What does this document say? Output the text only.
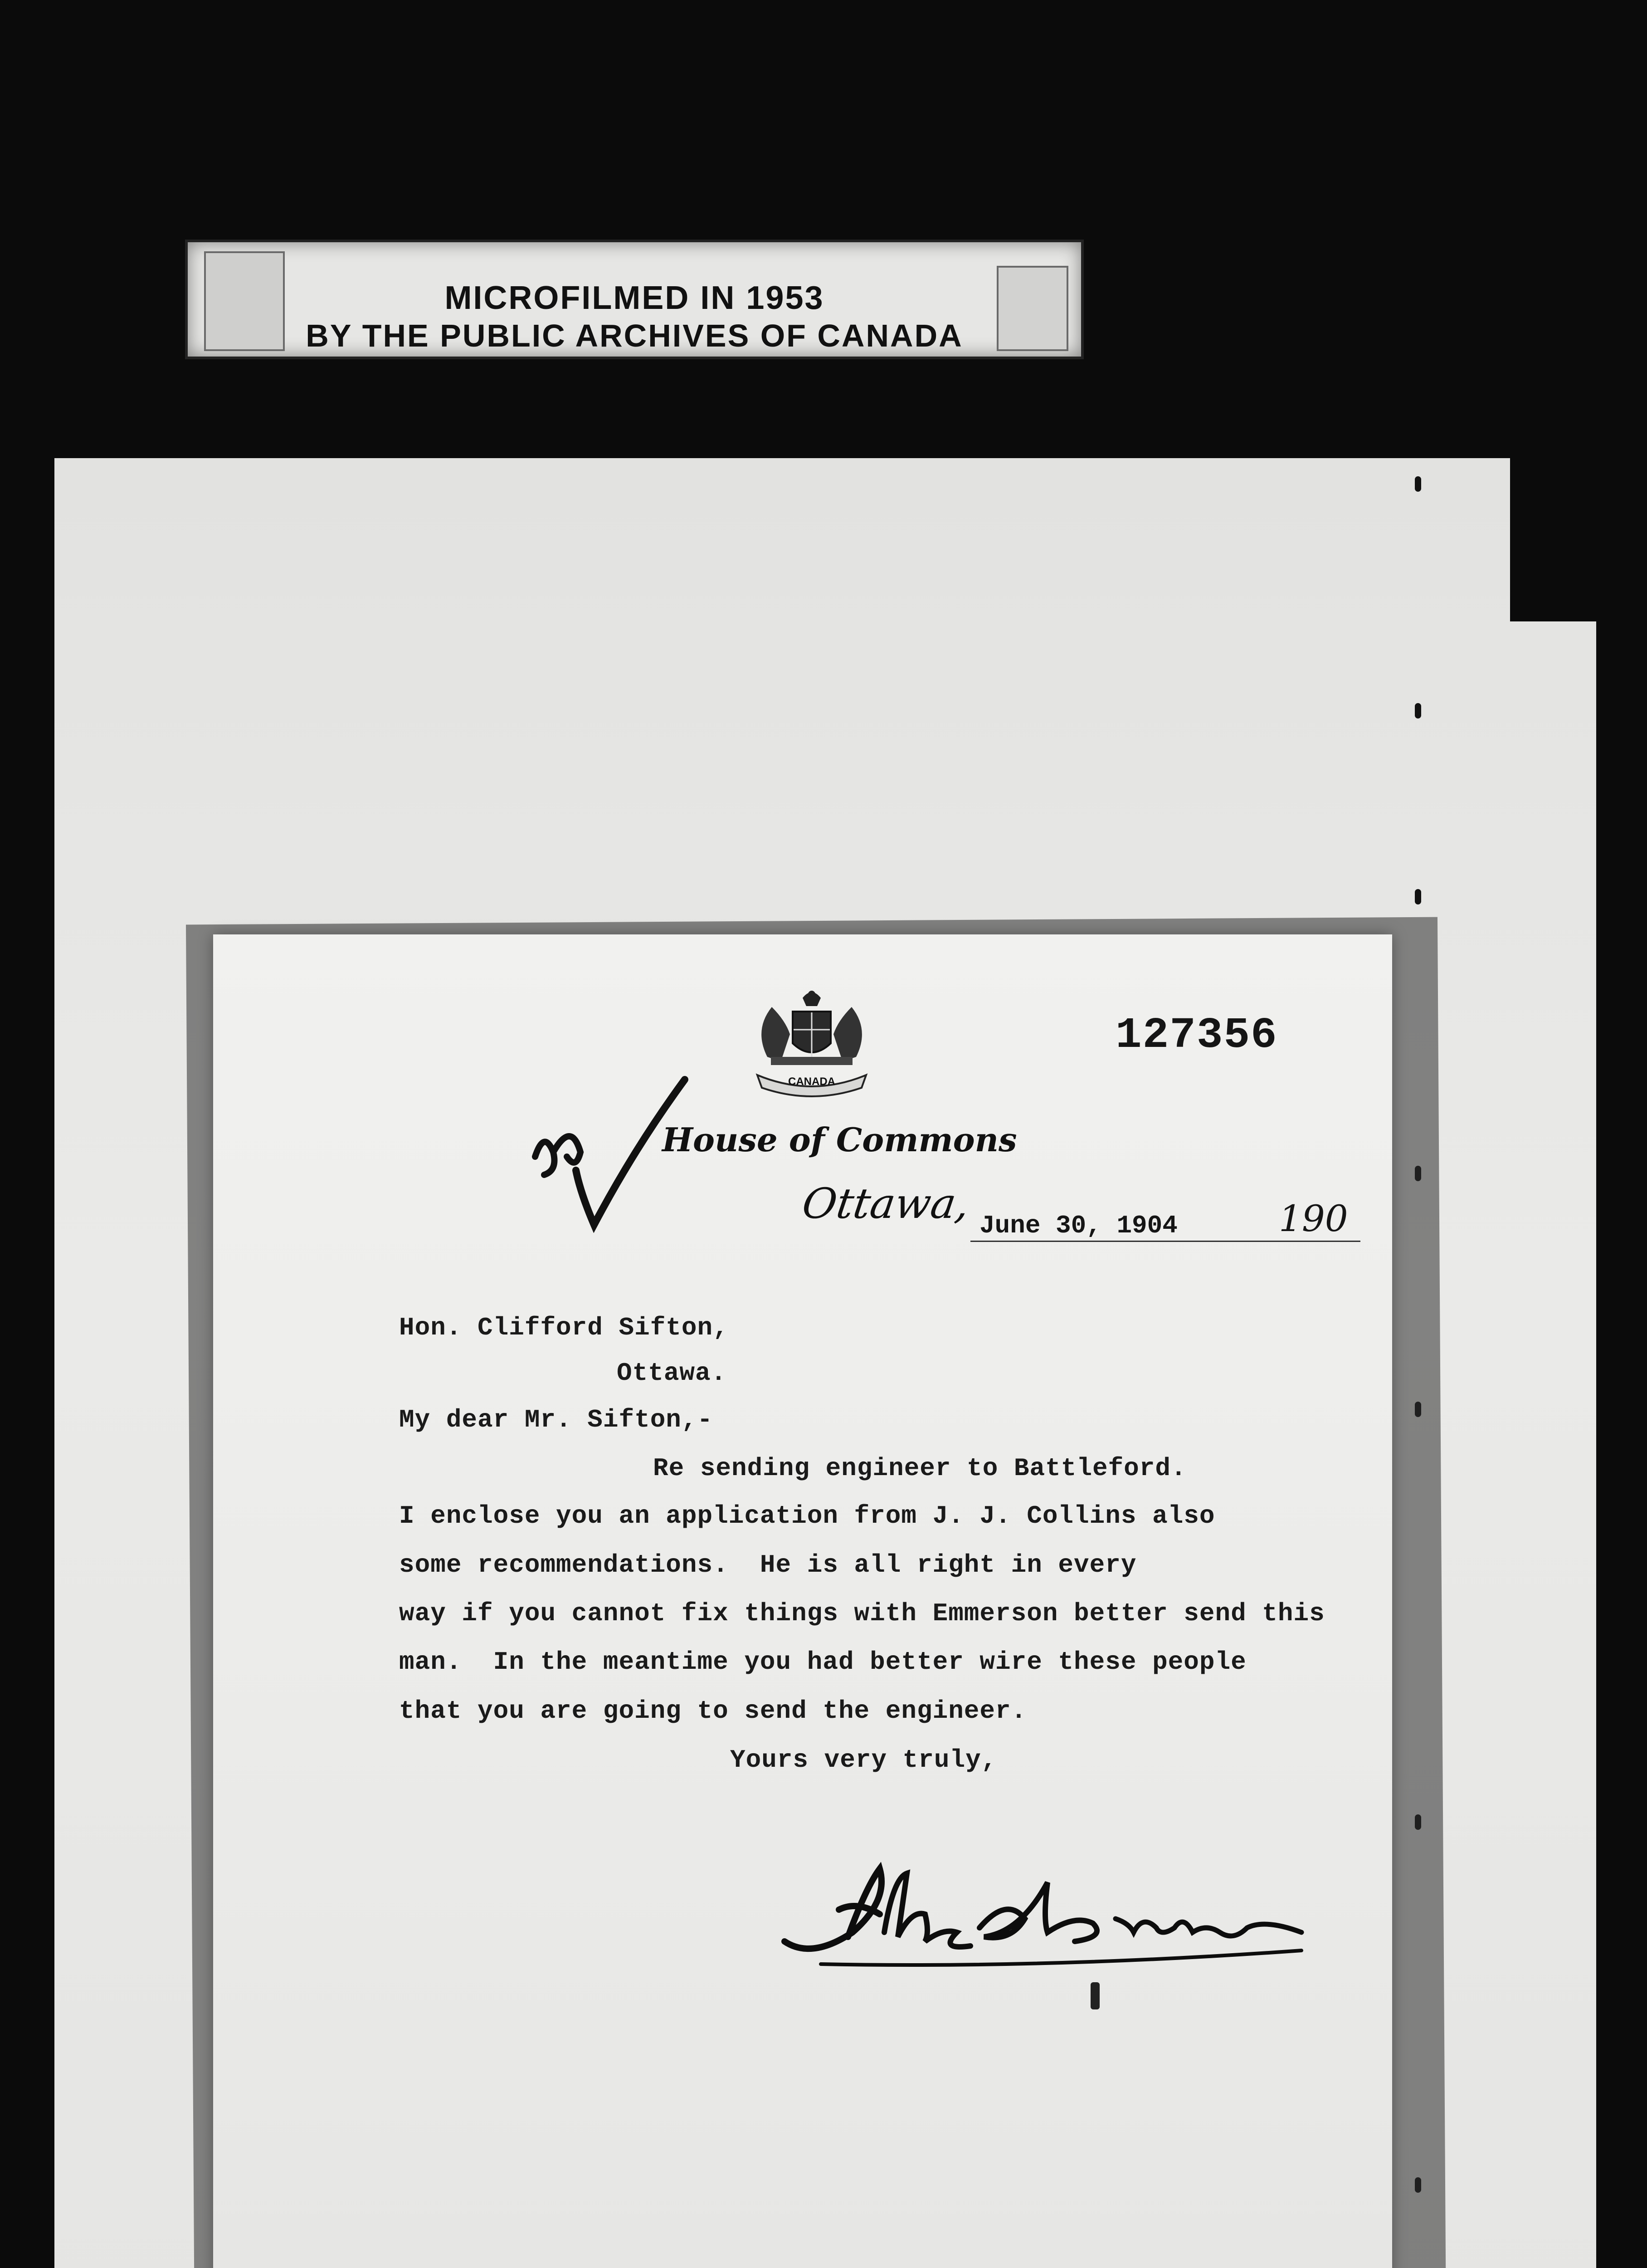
MICROFILMED IN 1953
BY THE PUBLIC ARCHIVES OF CANADA
CANADA
127356
House of Commons
Ottawa, June 30, 1904	190
Hon. Clifford Sifton,
Ottawa.
My dear Mr. Sifton,-
Re sending engineer to Battleford.
I enclose you an application from J. J. Collins also
some recommendations.  He is all right in every
way if you cannot fix things with Emmerson better send this
man.  In the meantime you had better wire these people
that you are going to send the engineer.
Yours very truly,
